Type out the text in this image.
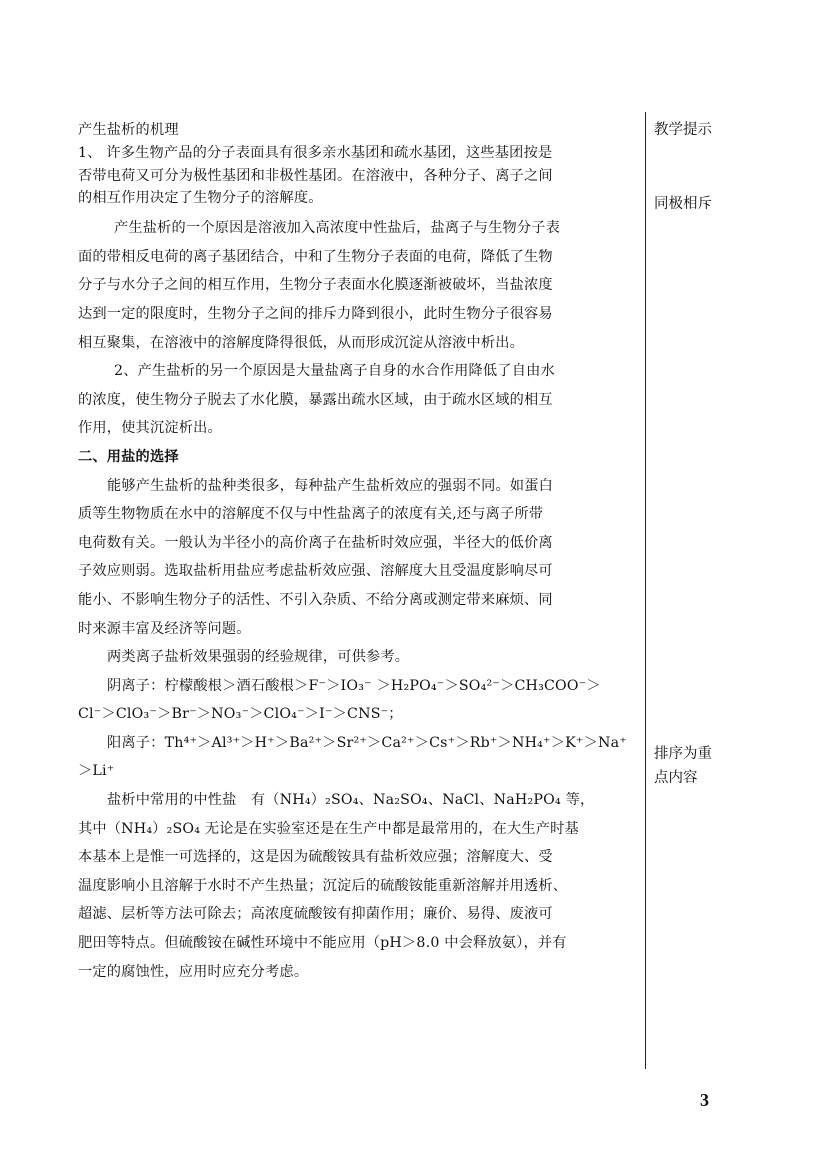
产生盐析的机理
1、 许多生物产品的分子表面具有很多亲水基团和疏水基团，这些基团按是
否带电荷又可分为极性基团和非极性基团。在溶液中，各种分子、离子之间
的相互作用决定了生物分子的溶解度。
产生盐析的一个原因是溶液加入高浓度中性盐后，盐离子与生物分子表
面的带相反电荷的离子基团结合，中和了生物分子表面的电荷，降低了生物
分子与水分子之间的相互作用，生物分子表面水化膜逐渐被破坏，当盐浓度
达到一定的限度时，生物分子之间的排斥力降到很小，此时生物分子很容易
相互聚集，在溶液中的溶解度降得很低，从而形成沉淀从溶液中析出。
2、产生盐析的另一个原因是大量盐离子自身的水合作用降低了自由水
的浓度，使生物分子脱去了水化膜，暴露出疏水区域，由于疏水区域的相互
作用，使其沉淀析出。
二、用盐的选择
能够产生盐析的盐种类很多，每种盐产生盐析效应的强弱不同。如蛋白
质等生物物质在水中的溶解度不仅与中性盐离子的浓度有关,还与离子所带
电荷数有关。一般认为半径小的高价离子在盐析时效应强，半径大的低价离
子效应则弱。选取盐析用盐应考虑盐析效应强、溶解度大且受温度影响尽可
能小、不影响生物分子的活性、不引入杂质、不给分离或测定带来麻烦、同
时来源丰富及经济等问题。
两类离子盐析效果强弱的经验规律，可供参考。
阴离子：柠檬酸根＞酒石酸根＞F⁻＞IO₃⁻ ＞H₂PO₄⁻＞SO₄²⁻＞CH₃COO⁻＞
Cl⁻＞ClO₃⁻＞Br⁻＞NO₃⁻＞ClO₄⁻＞I⁻＞CNS⁻；
阳离子：Th⁴⁺＞Al³⁺＞H⁺＞Ba²⁺＞Sr²⁺＞Ca²⁺＞Cs⁺＞Rb⁺＞NH₄⁺＞K⁺＞Na⁺
＞Li⁺
盐析中常用的中性盐　有（NH₄）₂SO₄、Na₂SO₄、NaCl、NaH₂PO₄ 等，
其中（NH₄）₂SO₄ 无论是在实验室还是在生产中都是最常用的，在大生产时基
本基本上是惟一可选择的，这是因为硫酸铵具有盐析效应强；溶解度大、受
温度影响小且溶解于水时不产生热量；沉淀后的硫酸铵能重新溶解并用透析、
超滤、层析等方法可除去；高浓度硫酸铵有抑菌作用；廉价、易得、废液可
肥田等特点。但硫酸铵在碱性环境中不能应用（pH＞8.0 中会释放氨），并有
一定的腐蚀性，应用时应充分考虑。
教学提示
同极相斥
排序为重
点内容
3
